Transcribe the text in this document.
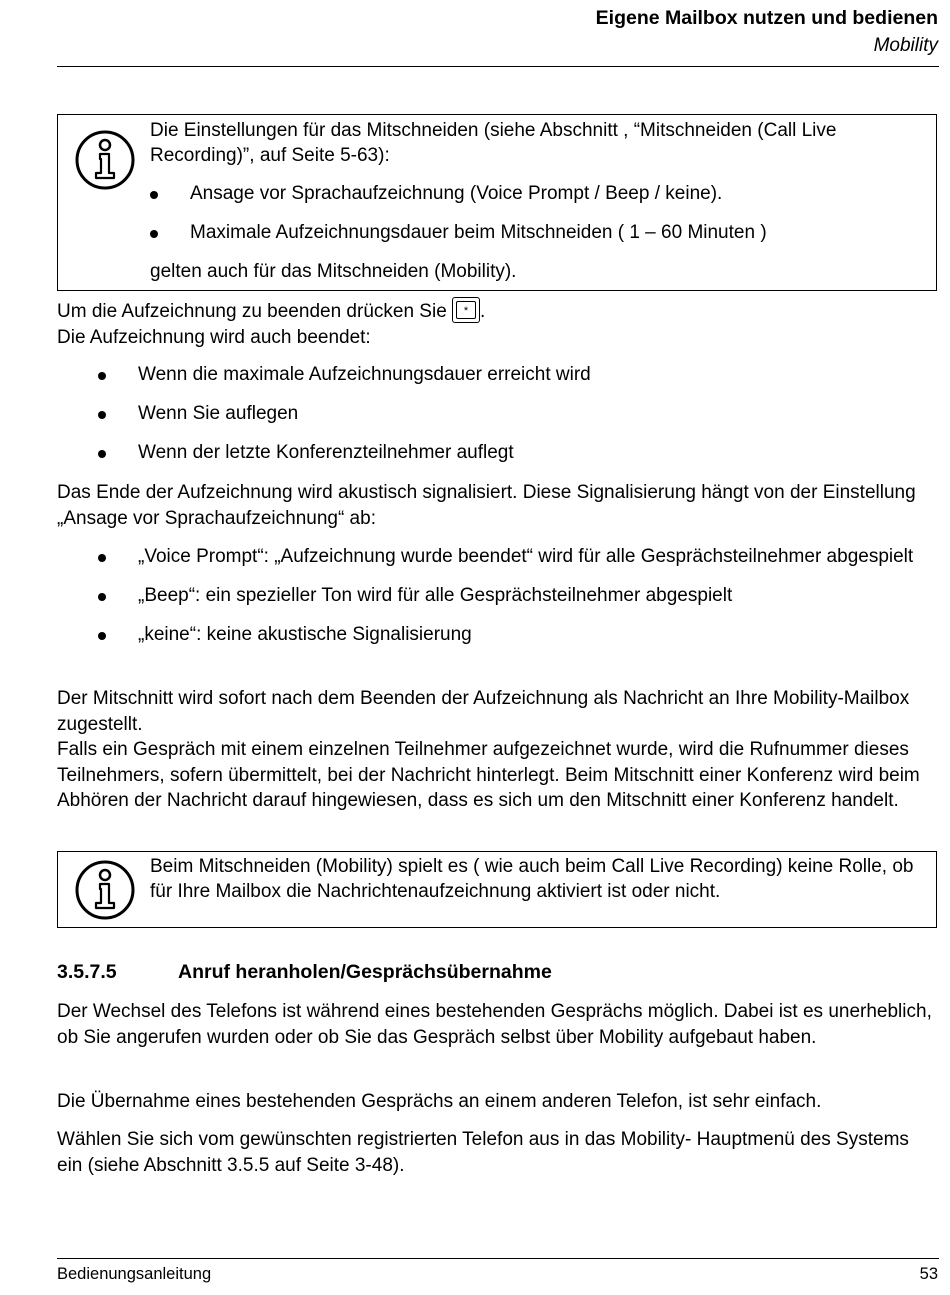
Eigene Mailbox nutzen und bedienen
Mobility
Die Einstellungen für das Mitschneiden (siehe Abschnitt , “Mitschneiden (Call Live Recording)”, auf Seite 5-63):
Ansage vor Sprachaufzeichnung (Voice Prompt / Beep / keine).
Maximale Aufzeichnungsdauer beim Mitschneiden ( 1 – 60 Minuten )
gelten auch für das Mitschneiden (Mobility).
Um die Aufzeichnung zu beenden drücken Sie	* .
Die Aufzeichnung wird auch beendet:
Wenn die maximale Aufzeichnungsdauer erreicht wird
Wenn Sie auflegen
Wenn der letzte Konferenzteilnehmer auflegt
Das Ende der Aufzeichnung wird akustisch signalisiert. Diese Signalisierung hängt von der Einstellung „Ansage vor Sprachaufzeichnung“ ab:
„Voice Prompt“: „Aufzeichnung wurde beendet“ wird für alle Gesprächsteilnehmer abgespielt
„Beep“: ein spezieller Ton wird für alle Gesprächsteilnehmer abgespielt
„keine“: keine akustische Signalisierung
Der Mitschnitt wird sofort nach dem Beenden der Aufzeichnung als Nachricht an Ihre Mobility-Mailbox zugestellt.
Falls ein Gespräch mit einem einzelnen Teilnehmer aufgezeichnet wurde, wird die Rufnummer dieses Teilnehmers, sofern übermittelt, bei der Nachricht hinterlegt. Beim Mitschnitt einer Konferenz wird beim Abhören der Nachricht darauf hingewiesen, dass es sich um den Mitschnitt einer Konferenz handelt.
Beim Mitschneiden (Mobility) spielt es ( wie auch beim Call Live Recording) keine Rolle, ob für Ihre Mailbox die Nachrichtenaufzeichnung aktiviert ist oder nicht.
3.5.7.5	Anruf heranholen/Gesprächsübernahme
Der Wechsel des Telefons ist während eines bestehenden Gesprächs möglich. Dabei ist es unerheblich, ob Sie angerufen wurden oder ob Sie das Gespräch selbst über Mobility aufgebaut haben.
Die Übernahme eines bestehenden Gesprächs an einem anderen Telefon, ist sehr einfach.
Wählen Sie sich vom gewünschten registrierten Telefon aus in das Mobility- Hauptmenü des Systems ein (siehe Abschnitt 3.5.5 auf Seite 3-48).
Bedienungsanleitung	53
